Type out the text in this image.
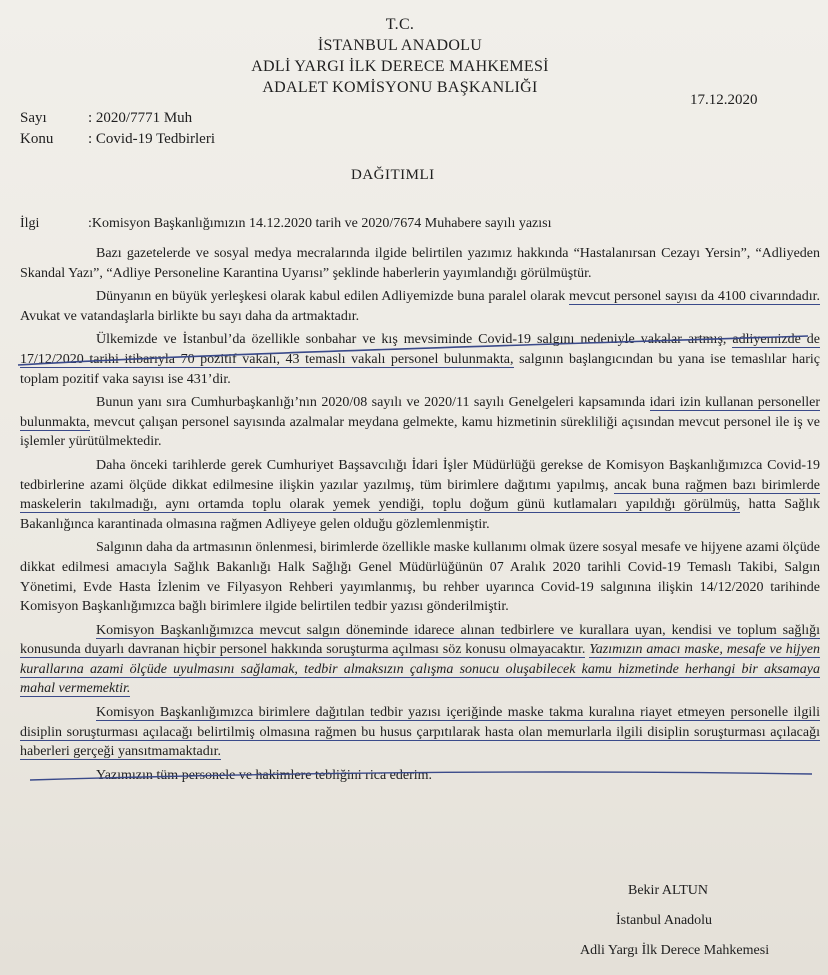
T.C.
İSTANBUL ANADOLU
ADLİ YARGI İLK DERECE MAHKEMESİ
ADALET KOMİSYONU BAŞKANLIĞI
17.12.2020
Sayı	: 2020/7771 Muh
Konu : Covid-19 Tedbirleri
DAĞITIMLI
İlgi	:Komisyon Başkanlığımızın 14.12.2020 tarih ve 2020/7674 Muhabere sayılı yazısı

Bazı gazetelerde ve sosyal medya mecralarında ilgide belirtilen yazımız hakkında “Hastalanırsan Cezayı Yersin”, “Adliyeden Skandal Yazı”, “Adliye Personeline Karantina Uyarısı” şeklinde haberlerin yayımlandığı görülmüştür.

Dünyanın en büyük yerleşkesi olarak kabul edilen Adliyemizde buna paralel olarak mevcut personel sayısı da 4100 civarındadır. Avukat ve vatandaşlarla birlikte bu sayı daha da artmaktadır.

Ülkemizde ve İstanbul’da özellikle sonbahar ve kış mevsiminde Covid-19 salgını nedeniyle vakalar artmış, adliyemizde de 17/12/2020 tarihi itibarıyla 70 pozitif vakalı, 43 temaslı vakalı personel bulunmakta, salgının başlangıcından bu yana ise temaslılar hariç toplam pozitif vaka sayısı ise 431’dir.

Bunun yanı sıra Cumhurbaşkanlığı’nın 2020/08 sayılı ve 2020/11 sayılı Genelgeleri kapsamında idari izin kullanan personeller bulunmakta, mevcut çalışan personel sayısında azalmalar meydana gelmekte, kamu hizmetinin sürekliliği açısından mevcut personel ile iş ve işlemler yürütülmektedir.

Daha önceki tarihlerde gerek Cumhuriyet Başsavcılığı İdari İşler Müdürlüğü gerekse de Komisyon Başkanlığımızca Covid-19 tedbirlerine azami ölçüde dikkat edilmesine ilişkin yazılar yazılmış, tüm birimlere dağıtımı yapılmış, ancak buna rağmen bazı birimlerde maskelerin takılmadığı, aynı ortamda toplu olarak yemek yendiği, toplu doğum günü kutlamaları yapıldığı görülmüş, hatta Sağlık Bakanlığınca karantinada olmasına rağmen Adliyeye gelen olduğu gözlemlenmiştir.

Salgının daha da artmasının önlenmesi, birimlerde özellikle maske kullanımı olmak üzere sosyal mesafe ve hijyene azami ölçüde dikkat edilmesi amacıyla Sağlık Bakanlığı Halk Sağlığı Genel Müdürlüğünün 07 Aralık 2020 tarihli Covid-19 Temaslı Takibi, Salgın Yönetimi, Evde Hasta İzlenim ve Filyasyon Rehberi yayımlanmış, bu rehber uyarınca Covid-19 salgınına ilişkin 14/12/2020 tarihinde Komisyon Başkanlığımızca bağlı birimlere ilgide belirtilen tedbir yazısı gönderilmiştir.

Komisyon Başkanlığımızca mevcut salgın döneminde idarece alınan tedbirlere ve kurallara uyan, kendisi ve toplum sağlığı konusunda duyarlı davranan hiçbir personel hakkında soruşturma açılması söz konusu olmayacaktır. Yazımızın amacı maske, mesafe ve hijyen kurallarına azami ölçüde uyulmasını sağlamak, tedbir almaksızın çalışma sonucu oluşabilecek kamu hizmetinde herhangi bir aksamaya mahal vermemektir.

Komisyon Başkanlığımızca birimlere dağıtılan tedbir yazısı içeriğinde maske takma kuralına riayet etmeyen personelle ilgili disiplin soruşturması açılacağı belirtilmiş olmasına rağmen bu husus çarpıtılarak hasta olan memurlarla ilgili disiplin soruşturması açılacağı haberleri gerçeği yansıtmamaktadır.

Yazımızın tüm personele ve hakimlere tebliğini rica ederim.

Bekir ALTUN
İstanbul Anadolu
Adli Yargı İlk Derece Mahkemesi
